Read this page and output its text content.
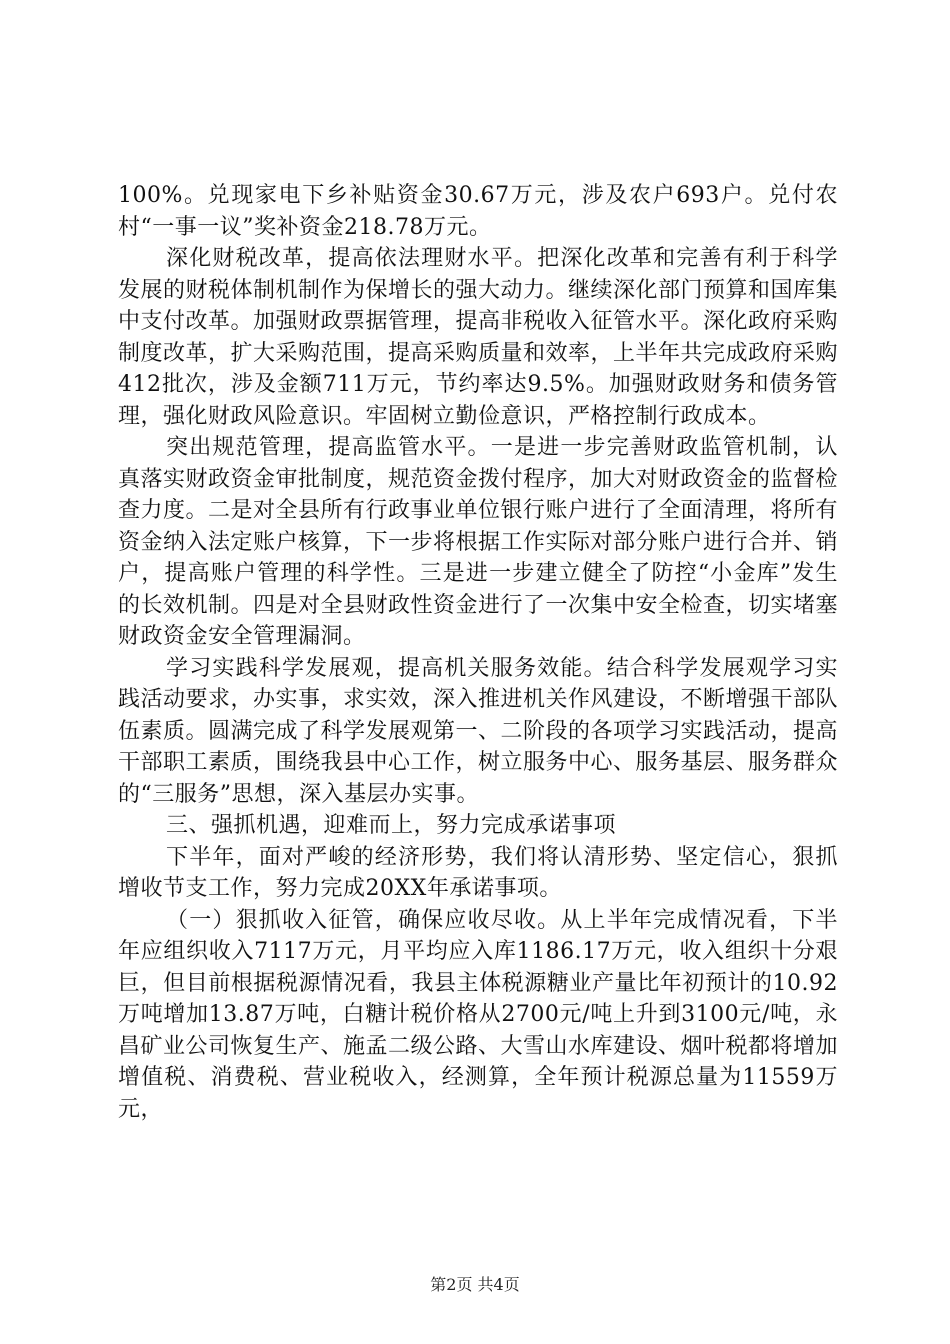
100%。兑现家电下乡补贴资金30.67万元，涉及农户693户。兑付农村“一事一议”奖补资金218.78万元。

深化财税改革，提高依法理财水平。把深化改革和完善有利于科学发展的财税体制机制作为保增长的强大动力。继续深化部门预算和国库集中支付改革。加强财政票据管理，提高非税收入征管水平。深化政府采购制度改革，扩大采购范围，提高采购质量和效率，上半年共完成政府采购412批次，涉及金额711万元，节约率达9.5%。加强财政财务和债务管理，强化财政风险意识。牢固树立勤俭意识，严格控制行政成本。

突出规范管理，提高监管水平。一是进一步完善财政监管机制，认真落实财政资金审批制度，规范资金拨付程序，加大对财政资金的监督检查力度。二是对全县所有行政事业单位银行账户进行了全面清理，将所有资金纳入法定账户核算，下一步将根据工作实际对部分账户进行合并、销户，提高账户管理的科学性。三是进一步建立健全了防控“小金库”发生的长效机制。四是对全县财政性资金进行了一次集中安全检查，切实堵塞财政资金安全管理漏洞。

学习实践科学发展观，提高机关服务效能。结合科学发展观学习实践活动要求，办实事，求实效，深入推进机关作风建设，不断增强干部队伍素质。圆满完成了科学发展观第一、二阶段的各项学习实践活动，提高干部职工素质，围绕我县中心工作，树立服务中心、服务基层、服务群众的“三服务”思想，深入基层办实事。

三、强抓机遇，迎难而上，努力完成承诺事项

下半年，面对严峻的经济形势，我们将认清形势、坚定信心，狠抓增收节支工作，努力完成20XX年承诺事项。

（一）狠抓收入征管，确保应收尽收。从上半年完成情况看，下半年应组织收入7117万元，月平均应入库1186.17万元，收入组织十分艰巨，但目前根据税源情况看，我县主体税源糖业产量比年初预计的10.92万吨增加13.87万吨，白糖计税价格从2700元/吨上升到3100元/吨，永昌矿业公司恢复生产、施孟二级公路、大雪山水库建设、烟叶税都将增加增值税、消费税、营业税收入，经测算，全年预计税源总量为11559万元，

第2页 共4页
